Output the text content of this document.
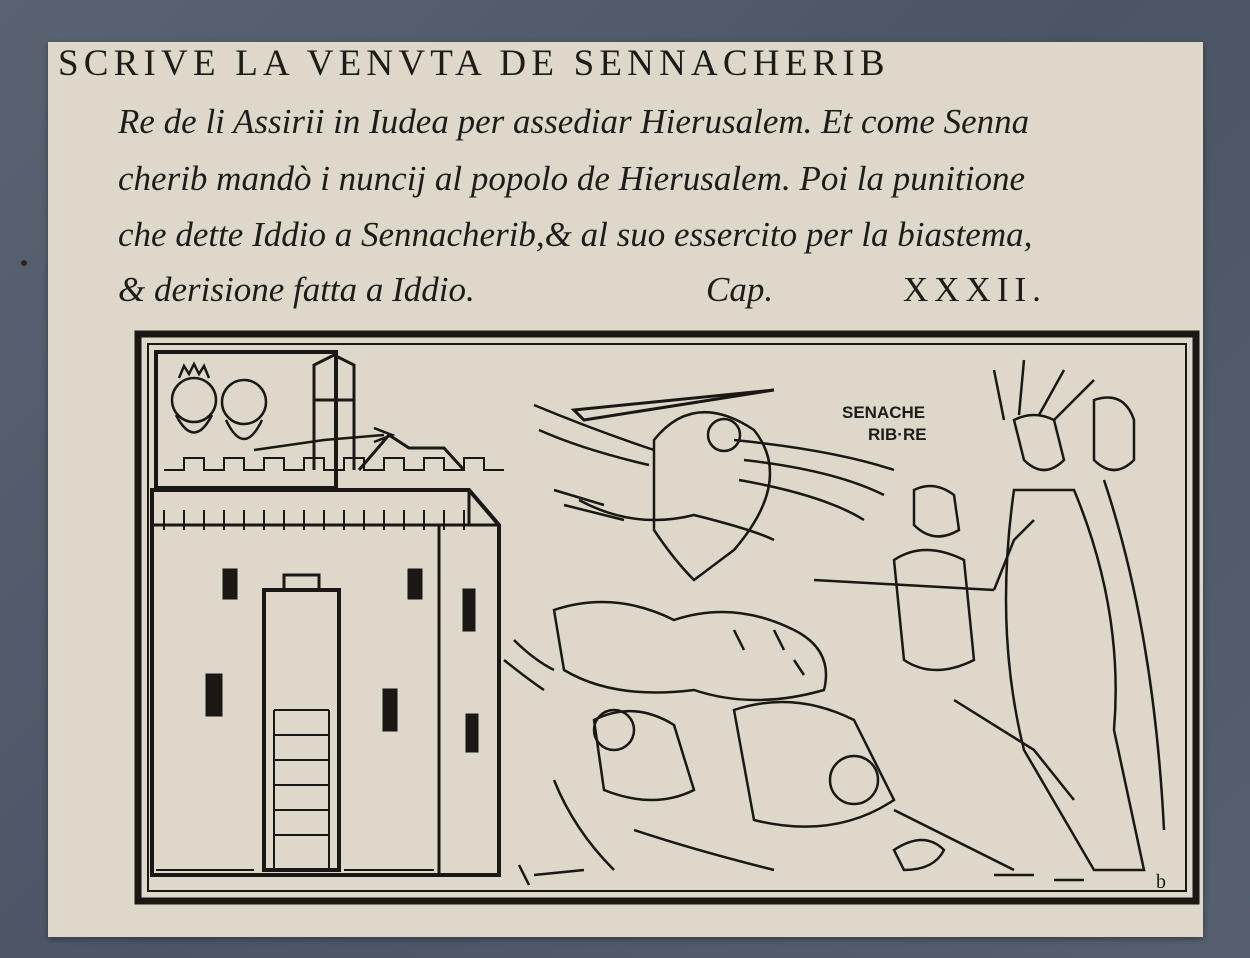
SCRIVE LA VENVTA DE SENNACHERIB
Re de li Assirii in Iudea per assediar Hierusalem. Et come Senna
cherib mandò i nuncij al popolo de Hierusalem. Poi la punitione
che dette Iddio a Sennacherib,& al suo essercito per la biastema,
& derisione fatta a Iddio.	Cap.	XXXII.
SENACHE
RIB·RE
b
